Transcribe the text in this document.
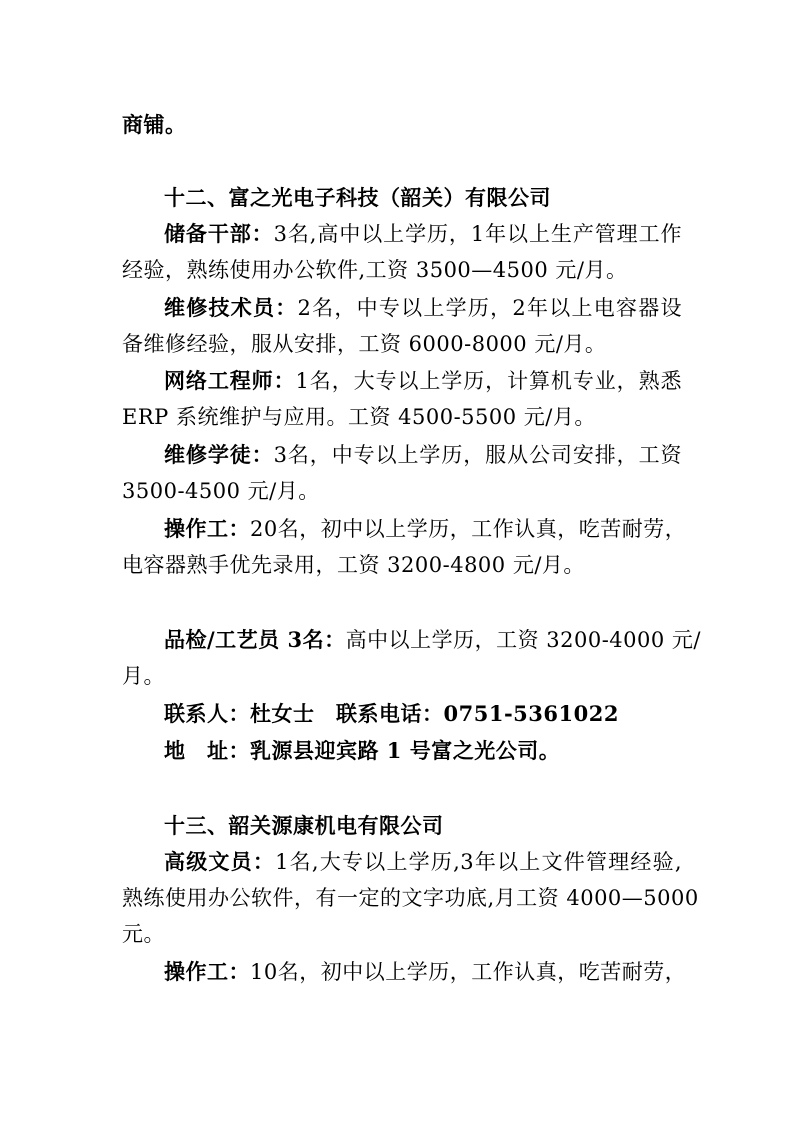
商铺。
十二、富之光电子科技（韶关）有限公司
储备干部：3名,高中以上学历，1年以上生产管理工作
经验，熟练使用办公软件,工资 3500—4500 元/月。
维修技术员：2名，中专以上学历，2年以上电容器设
备维修经验，服从安排，工资 6000-8000 元/月。
网络工程师：1名，大专以上学历，计算机专业，熟悉
ERP 系统维护与应用。工资 4500-5500 元/月。
维修学徒：3名，中专以上学历，服从公司安排，工资
3500-4500 元/月。
操作工：20名，初中以上学历，工作认真，吃苦耐劳，
电容器熟手优先录用，工资 3200-4800 元/月。
品检/工艺员 3名：高中以上学历，工资 3200-4000 元/
月。
联系人：杜女士　联系电话：0751-5361022
地　址：乳源县迎宾路 1 号富之光公司。
十三、韶关源康机电有限公司
高级文员：1名,大专以上学历,3年以上文件管理经验,
熟练使用办公软件，有一定的文字功底,月工资 4000—5000
元。
操作工：10名，初中以上学历，工作认真，吃苦耐劳，
